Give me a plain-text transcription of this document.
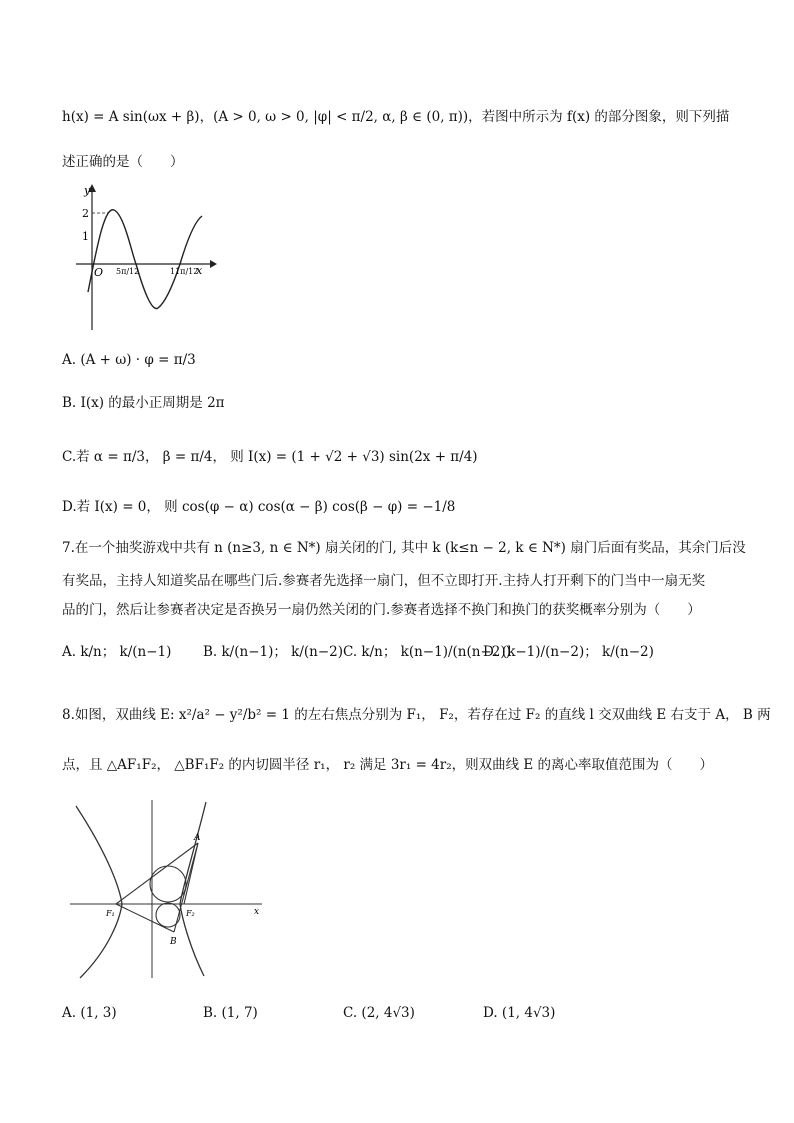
h(x) = A sin(ωx + β)，(A > 0, ω > 0, |φ| < π/2, α, β ∈ (0, π))，若图中所示为 f(x) 的部分图象，则下列描
述正确的是（　　）
y
x
O
2
1
5π/12	11π/12
A. (A + ω) · φ = π/3
B. I(x) 的最小正周期是 2π
C.若 α = π/3， β = π/4， 则 I(x) = (1 + √2 + √3) sin(2x + π/4)
D.若 I(x) = 0， 则 cos(φ − α) cos(α − β) cos(β − φ) = −1/8
7.在一个抽奖游戏中共有 n (n≥3, n ∈ N*) 扇关闭的门, 其中 k (k≤n − 2, k ∈ N*) 扇门后面有奖品，其余门后没
有奖品，主持人知道奖品在哪些门后.参赛者先选择一扇门，但不立即打开.主持人打开剩下的门当中一扇无奖
品的门，然后让参赛者决定是否换另一扇仍然关闭的门.参赛者选择不换门和换门的获奖概率分别为（　　）
A. k/n； k/(n−1) B. k/(n−1)； k/(n−2) C. k/n； k(n−1)/(n(n−2))
D. (k−1)/(n−2)； k/(n−2)
8.如图，双曲线 E: x²/a² − y²/b² = 1 的左右焦点分别为 F₁， F₂，若存在过 F₂ 的直线 l 交双曲线 E 右支于 A， B 两
点，且 △AF₁F₂， △BF₁F₂ 的内切圆半径 r₁， r₂ 满足 3r₁ = 4r₂，则双曲线 E 的离心率取值范围为（　　）
A
B
F₁	F₂	x
A. (1, 3)	B. (1, 7)	C. (2, 4√3)	D. (1, 4√3)
